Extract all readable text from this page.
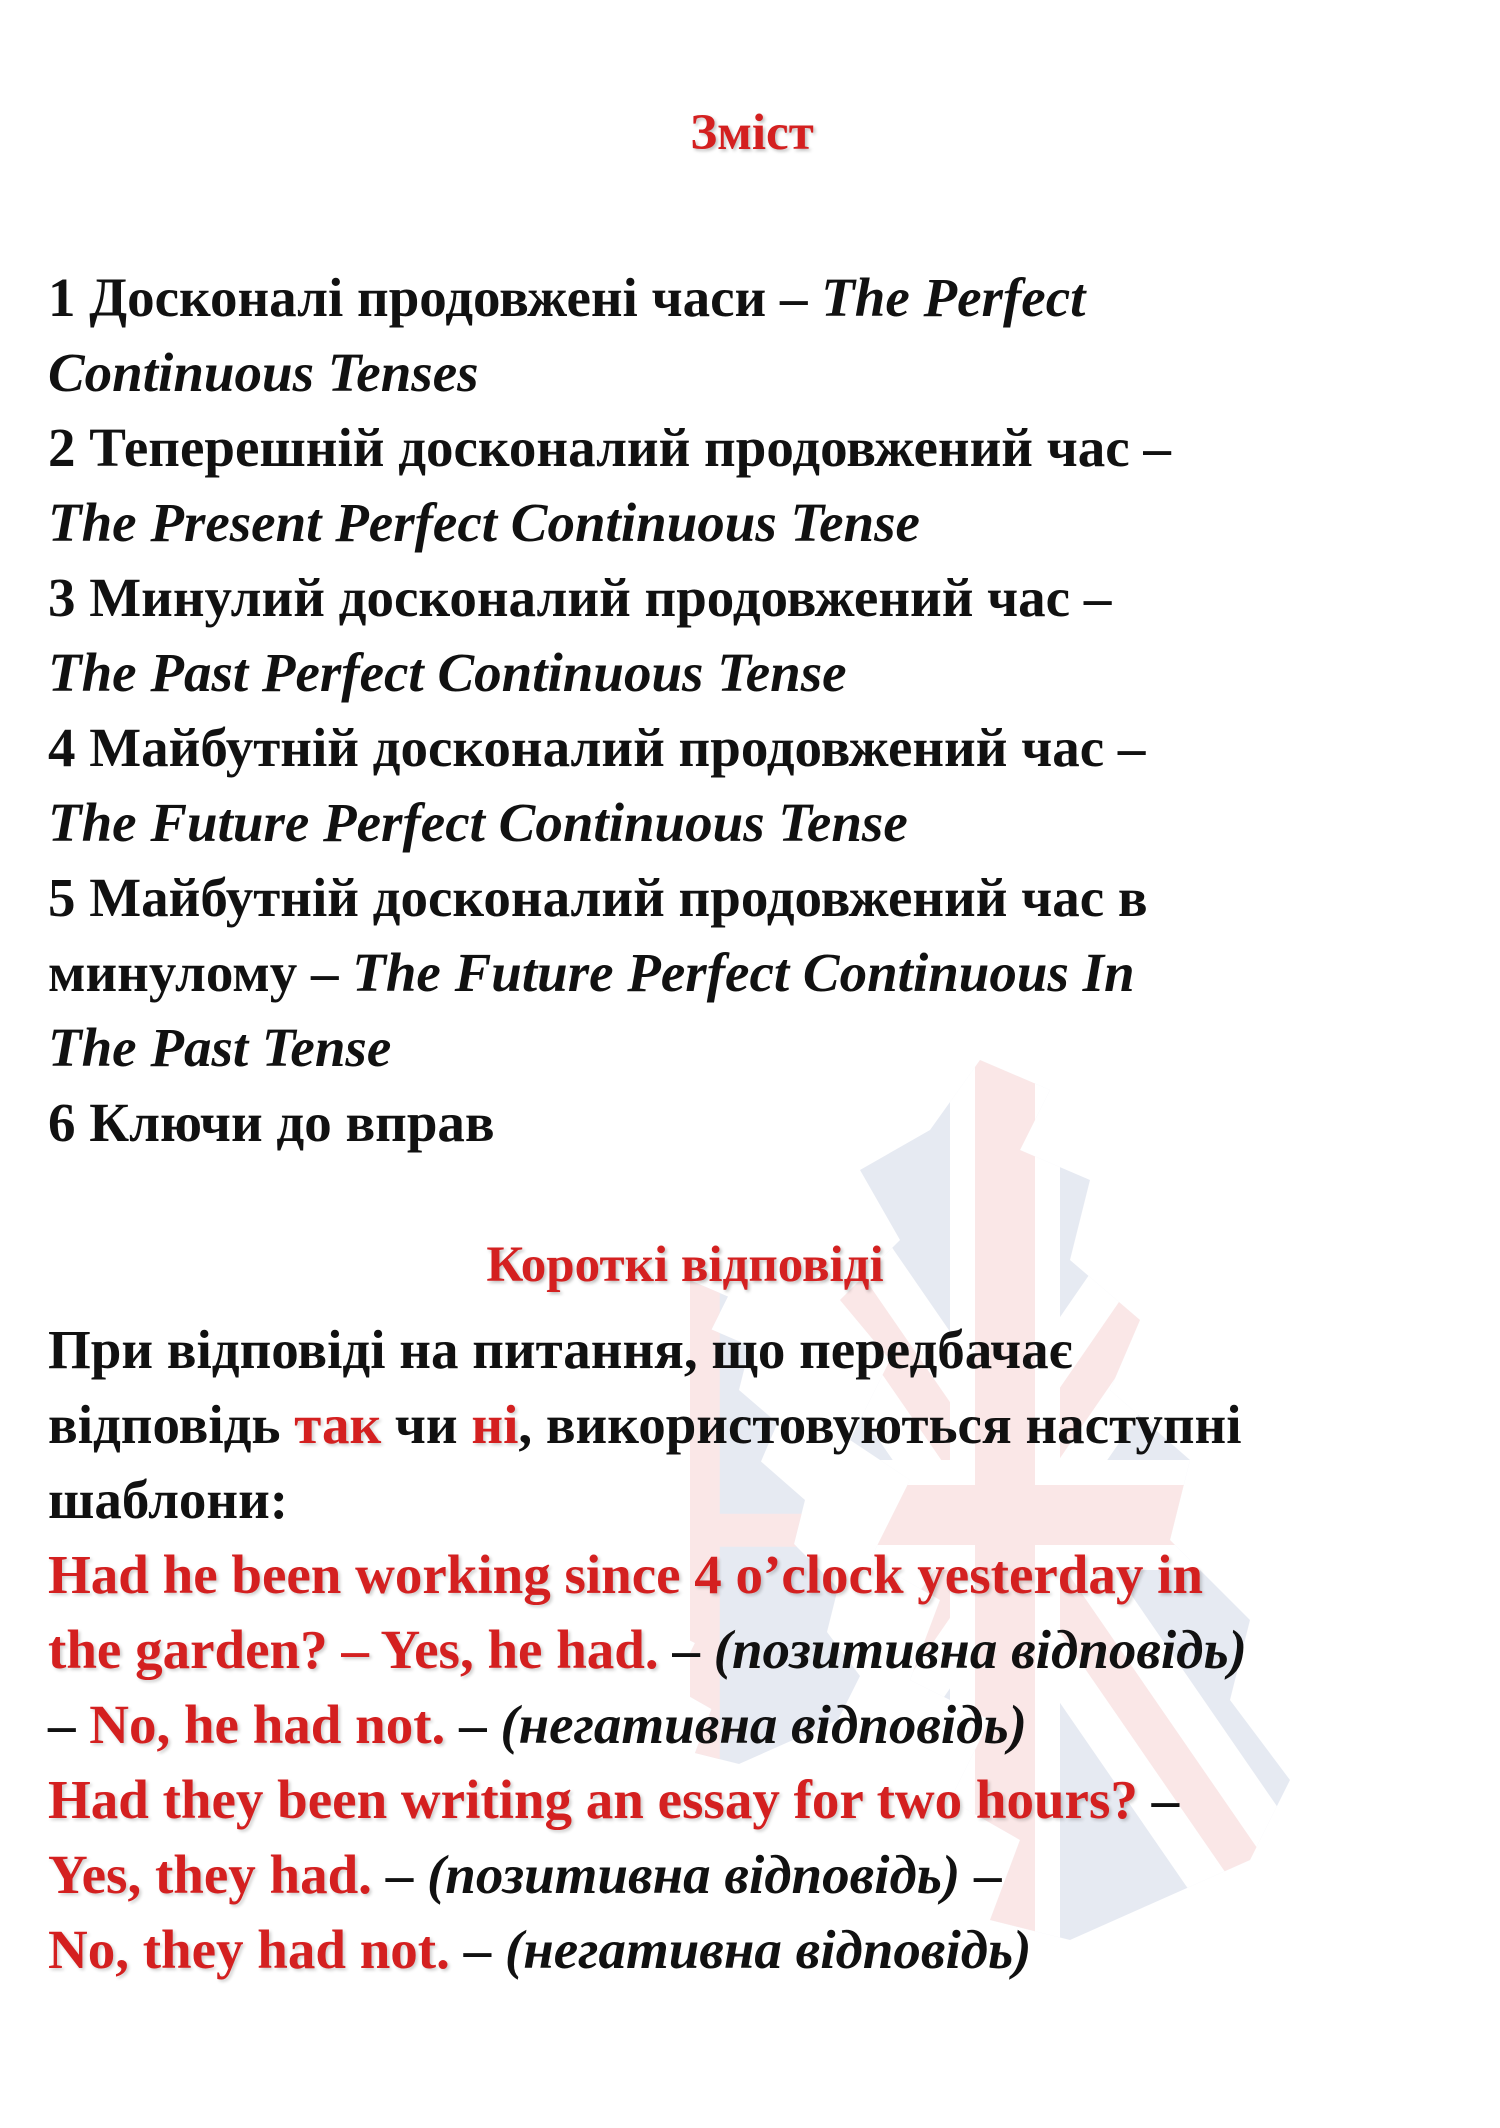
Зміст
1 Досконалі продовжені часи – The Perfect
Continuous Tenses
2 Теперешній досконалий продовжений час –
The Present Perfect Continuous Tense
3 Минулий досконалий продовжений час –
The Past Perfect Continuous Tense
4 Майбутній досконалий продовжений час –
The Future Perfect Continuous Tense
5 Майбутній досконалий продовжений час в
минулому – The Future Perfect Continuous In
The Past Tense
6 Ключи до вправ
Короткі відповіді
При відповіді на питання, що передбачає
відповідь так чи ні, використовуються наступні
шаблони:
Had he been working since 4 o’clock yesterday in
the garden? – Yes, he had. – (позитивна відповідь)
– No, he had not. – (негативна відповідь)
Had they been writing an essay for two hours? –
Yes, they had. – (позитивна відповідь) –
No, they had not. – (негативна відповідь)
